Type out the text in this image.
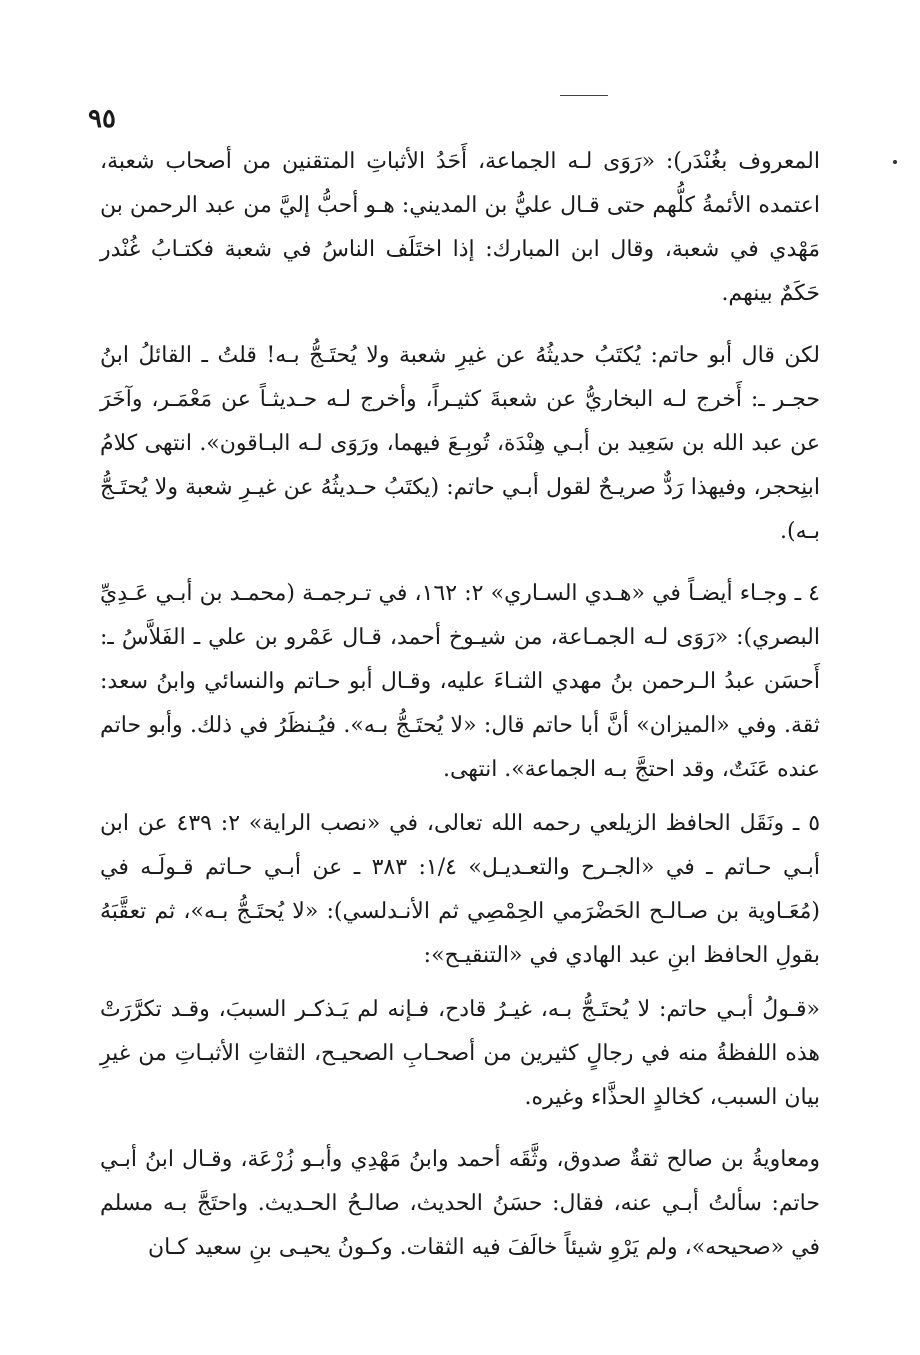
٩٥

المعروف بغُنْدَر): «رَوَى لـه الجماعة، أَحَدُ الأثباتِ المتقنين من أصحاب شعبة، اعتمده الأئمةُ كلُّهم حتى قـال عليُّ بن المديني: هـو أحبُّ إليَّ من عبد الرحمن بن مَهْدي في شعبة، وقال ابن المبارك: إذا اختَلَف الناسُ في شعبة فكتـابُ غُنْدر حَكَمٌ بينهم.

لكن قال أبو حاتم: يُكتَبُ حديثُهُ عن غيرِ شعبة ولا يُحتَـجُّ بـه! قلتُ ـ القائلُ ابنُ حجـر ـ: أَخرج لـه البخاريُّ عن شعبةَ كثيـراً، وأخرج لـه حـديثـاً عن مَعْمَـر، وآخَرَ عن عبد الله بن سَعِيد بن أبـي هِنْدَة، تُوبِـعَ فيهما، ورَوَى لـه البـاقون». انتهى كلامُ ابنِحجر، وفيهذا رَدٌّ صريـحٌ لقول أبـي حاتم: (يكتَبُ حـديثُهُ عن غيـرِ شعبة ولا يُحتَـجُّ بـه).

٤ ـ وجـاء أيضـاً في «هـدي السـاري» ٢: ١٦٢، في تـرجمـة (محمـد بن أبـي عَـدِيِّ البصري): «رَوَى لـه الجمـاعة، من شيـوخ أحمد، قـال عَمْرو بن علي ـ الفَلاَّسُ ـ: أَحسَن عبدُ الـرحمن بنُ مهدي الثنـاءَ عليه، وقـال أبو حـاتم والنسائي وابنُ سعد: ثقة. وفي «الميزان» أنَّ أبا حاتم قال: «لا يُحتَـجُّ بـه». فيُـنظَرُ في ذلك. وأبو حاتم عنده عَنَتٌ، وقد احتجَّ بـه الجماعة». انتهى.

٥ ـ ونَقَل الحافظ الزيلعي رحمه الله تعالى، في «نصب الراية» ٢: ٤٣٩ عن ابن أبـي حـاتم ـ في «الجـرح والتعـديـل» ١/٤: ٣٨٣ ـ عن أبـي حـاتم قـولَـه في (مُعَـاوية بن صـالـح الحَضْرَمي الحِمْصِي ثم الأنـدلسي): «لا يُحتَـجُّ بـه»، ثم تعقَّبَهُ بقولِ الحافظ ابنِ عبد الهادي في «التنقيـح»:

«قـولُ أبـي حاتم: لا يُحتَـجُّ بـه، غيـرُ قادح، فـإنه لم يَـذكـر السببَ، وقـد تكرَّرَتْ هذه اللفظةُ منه في رجالٍ كثيرين من أصحـابِ الصحيـح، الثقاتِ الأثبـاتِ من غيرِ بيان السبب، كخالدٍ الحذَّاء وغيره.

ومعاويةُ بن صالح ثقةٌ صدوق، وثَّقَه أحمد وابنُ مَهْدِي وأبـو زُرْعَة، وقـال ابنُ أبـي حاتم: سألتُ أبـي عنه، فقال: حسَنُ الحديث، صالـحُ الحـديث. واحتَجَّ بـه مسلم في «صحيحه»، ولم يَرْوِ شيئاً خالَفَ فيه الثقات. وكـونُ يحيـى بنِ سعيد كـان
